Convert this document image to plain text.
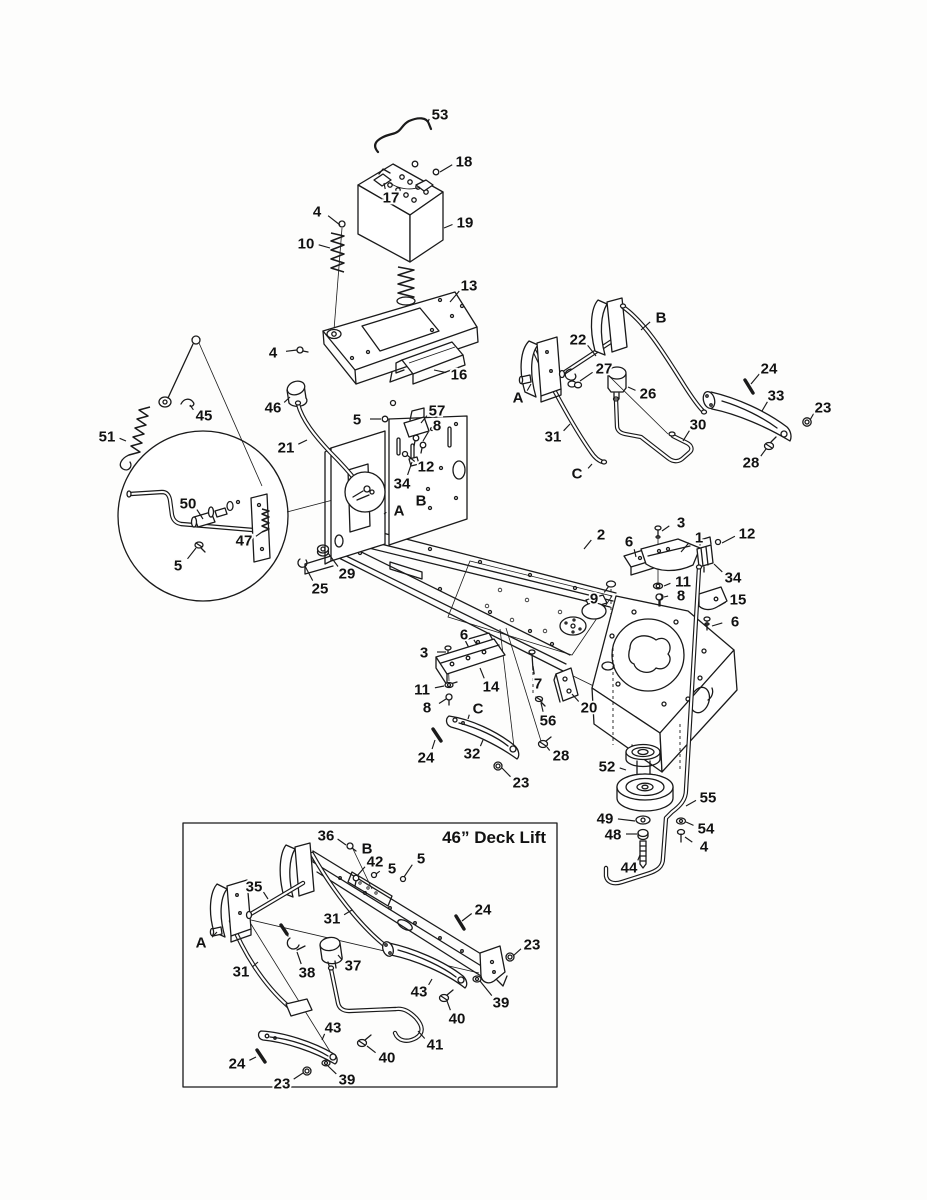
46” Deck Lift
53
18
17
19
4
10
13
4
16
22
B
27
26
24
33
23
28
30
31
A
C
45
51
50
47
5
25
29
46
5
21
57
8
12
34
B
A
2 6
3
1 12
34
11
8	15
6
9
6
3
11
8
14 7
56
20
C
24 32	28
23
52
55
49
48	54
4
44
36
B
42 5
5
35
31
24
23
A
31	38 37
43
39
40
41
43
24
23	39
40
